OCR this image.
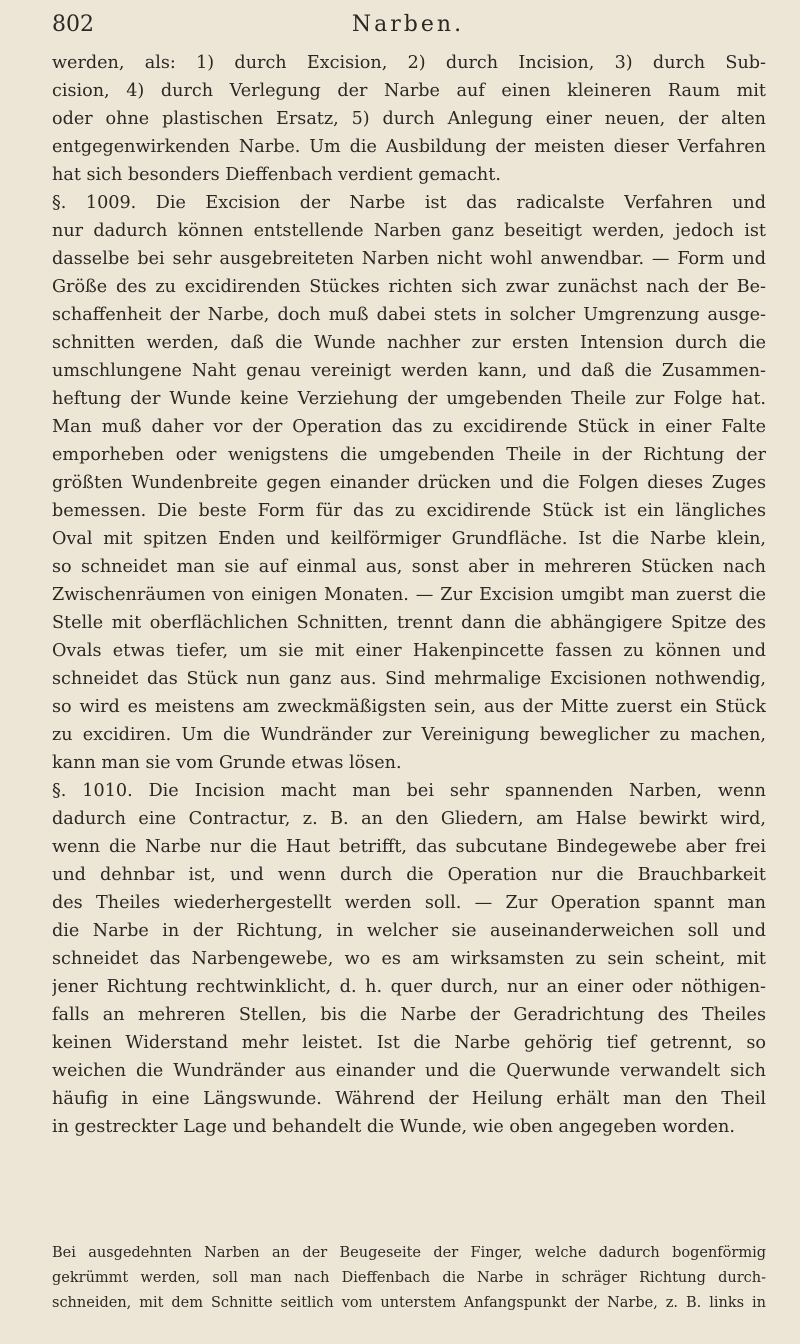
802	Narben.
werden, als: 1) durch Excision, 2) durch Incision, 3) durch Sub-
cision, 4) durch Verlegung der Narbe auf einen kleineren Raum mit
oder ohne plastischen Ersatz, 5) durch Anlegung einer neuen, der alten
entgegenwirkenden Narbe. Um die Ausbildung der meisten dieser Verfahren
hat sich besonders Dieffenbach verdient gemacht.
§. 1009. Die Excision der Narbe ist das radicalste Verfahren und
nur dadurch können entstellende Narben ganz beseitigt werden, jedoch ist
dasselbe bei sehr ausgebreiteten Narben nicht wohl anwendbar. — Form und
Größe des zu excidirenden Stückes richten sich zwar zunächst nach der Be-
schaffenheit der Narbe, doch muß dabei stets in solcher Umgrenzung ausge-
schnitten werden, daß die Wunde nachher zur ersten Intension durch die
umschlungene Naht genau vereinigt werden kann, und daß die Zusammen-
heftung der Wunde keine Verziehung der umgebenden Theile zur Folge hat.
Man muß daher vor der Operation das zu excidirende Stück in einer Falte
emporheben oder wenigstens die umgebenden Theile in der Richtung der
größten Wundenbreite gegen einander drücken und die Folgen dieses Zuges
bemessen. Die beste Form für das zu excidirende Stück ist ein längliches
Oval mit spitzen Enden und keilförmiger Grundfläche. Ist die Narbe klein,
so schneidet man sie auf einmal aus, sonst aber in mehreren Stücken nach
Zwischenräumen von einigen Monaten. — Zur Excision umgibt man zuerst die
Stelle mit oberflächlichen Schnitten, trennt dann die abhängigere Spitze des
Ovals etwas tiefer, um sie mit einer Hakenpincette fassen zu können und
schneidet das Stück nun ganz aus. Sind mehrmalige Excisionen nothwendig,
so wird es meistens am zweckmäßigsten sein, aus der Mitte zuerst ein Stück
zu excidiren. Um die Wundränder zur Vereinigung beweglicher zu machen,
kann man sie vom Grunde etwas lösen.
§. 1010. Die Incision macht man bei sehr spannenden Narben, wenn
dadurch eine Contractur, z. B. an den Gliedern, am Halse bewirkt wird,
wenn die Narbe nur die Haut betrifft, das subcutane Bindegewebe aber frei
und dehnbar ist, und wenn durch die Operation nur die Brauchbarkeit
des Theiles wiederhergestellt werden soll. — Zur Operation spannt man
die Narbe in der Richtung, in welcher sie auseinanderweichen soll und
schneidet das Narbengewebe, wo es am wirksamsten zu sein scheint, mit
jener Richtung rechtwinklicht, d. h. quer durch, nur an einer oder nöthigen-
falls an mehreren Stellen, bis die Narbe der Geradrichtung des Theiles
keinen Widerstand mehr leistet. Ist die Narbe gehörig tief getrennt, so
weichen die Wundränder aus einander und die Querwunde verwandelt sich
häufig in eine Längswunde. Während der Heilung erhält man den Theil
in gestreckter Lage und behandelt die Wunde, wie oben angegeben worden.
Bei ausgedehnten Narben an der Beugeseite der Finger, welche dadurch bogenförmig
gekrümmt werden, soll man nach Dieffenbach die Narbe in schräger Richtung durch-
schneiden, mit dem Schnitte seitlich vom unterstem Anfangspunkt der Narbe, z. B. links in
